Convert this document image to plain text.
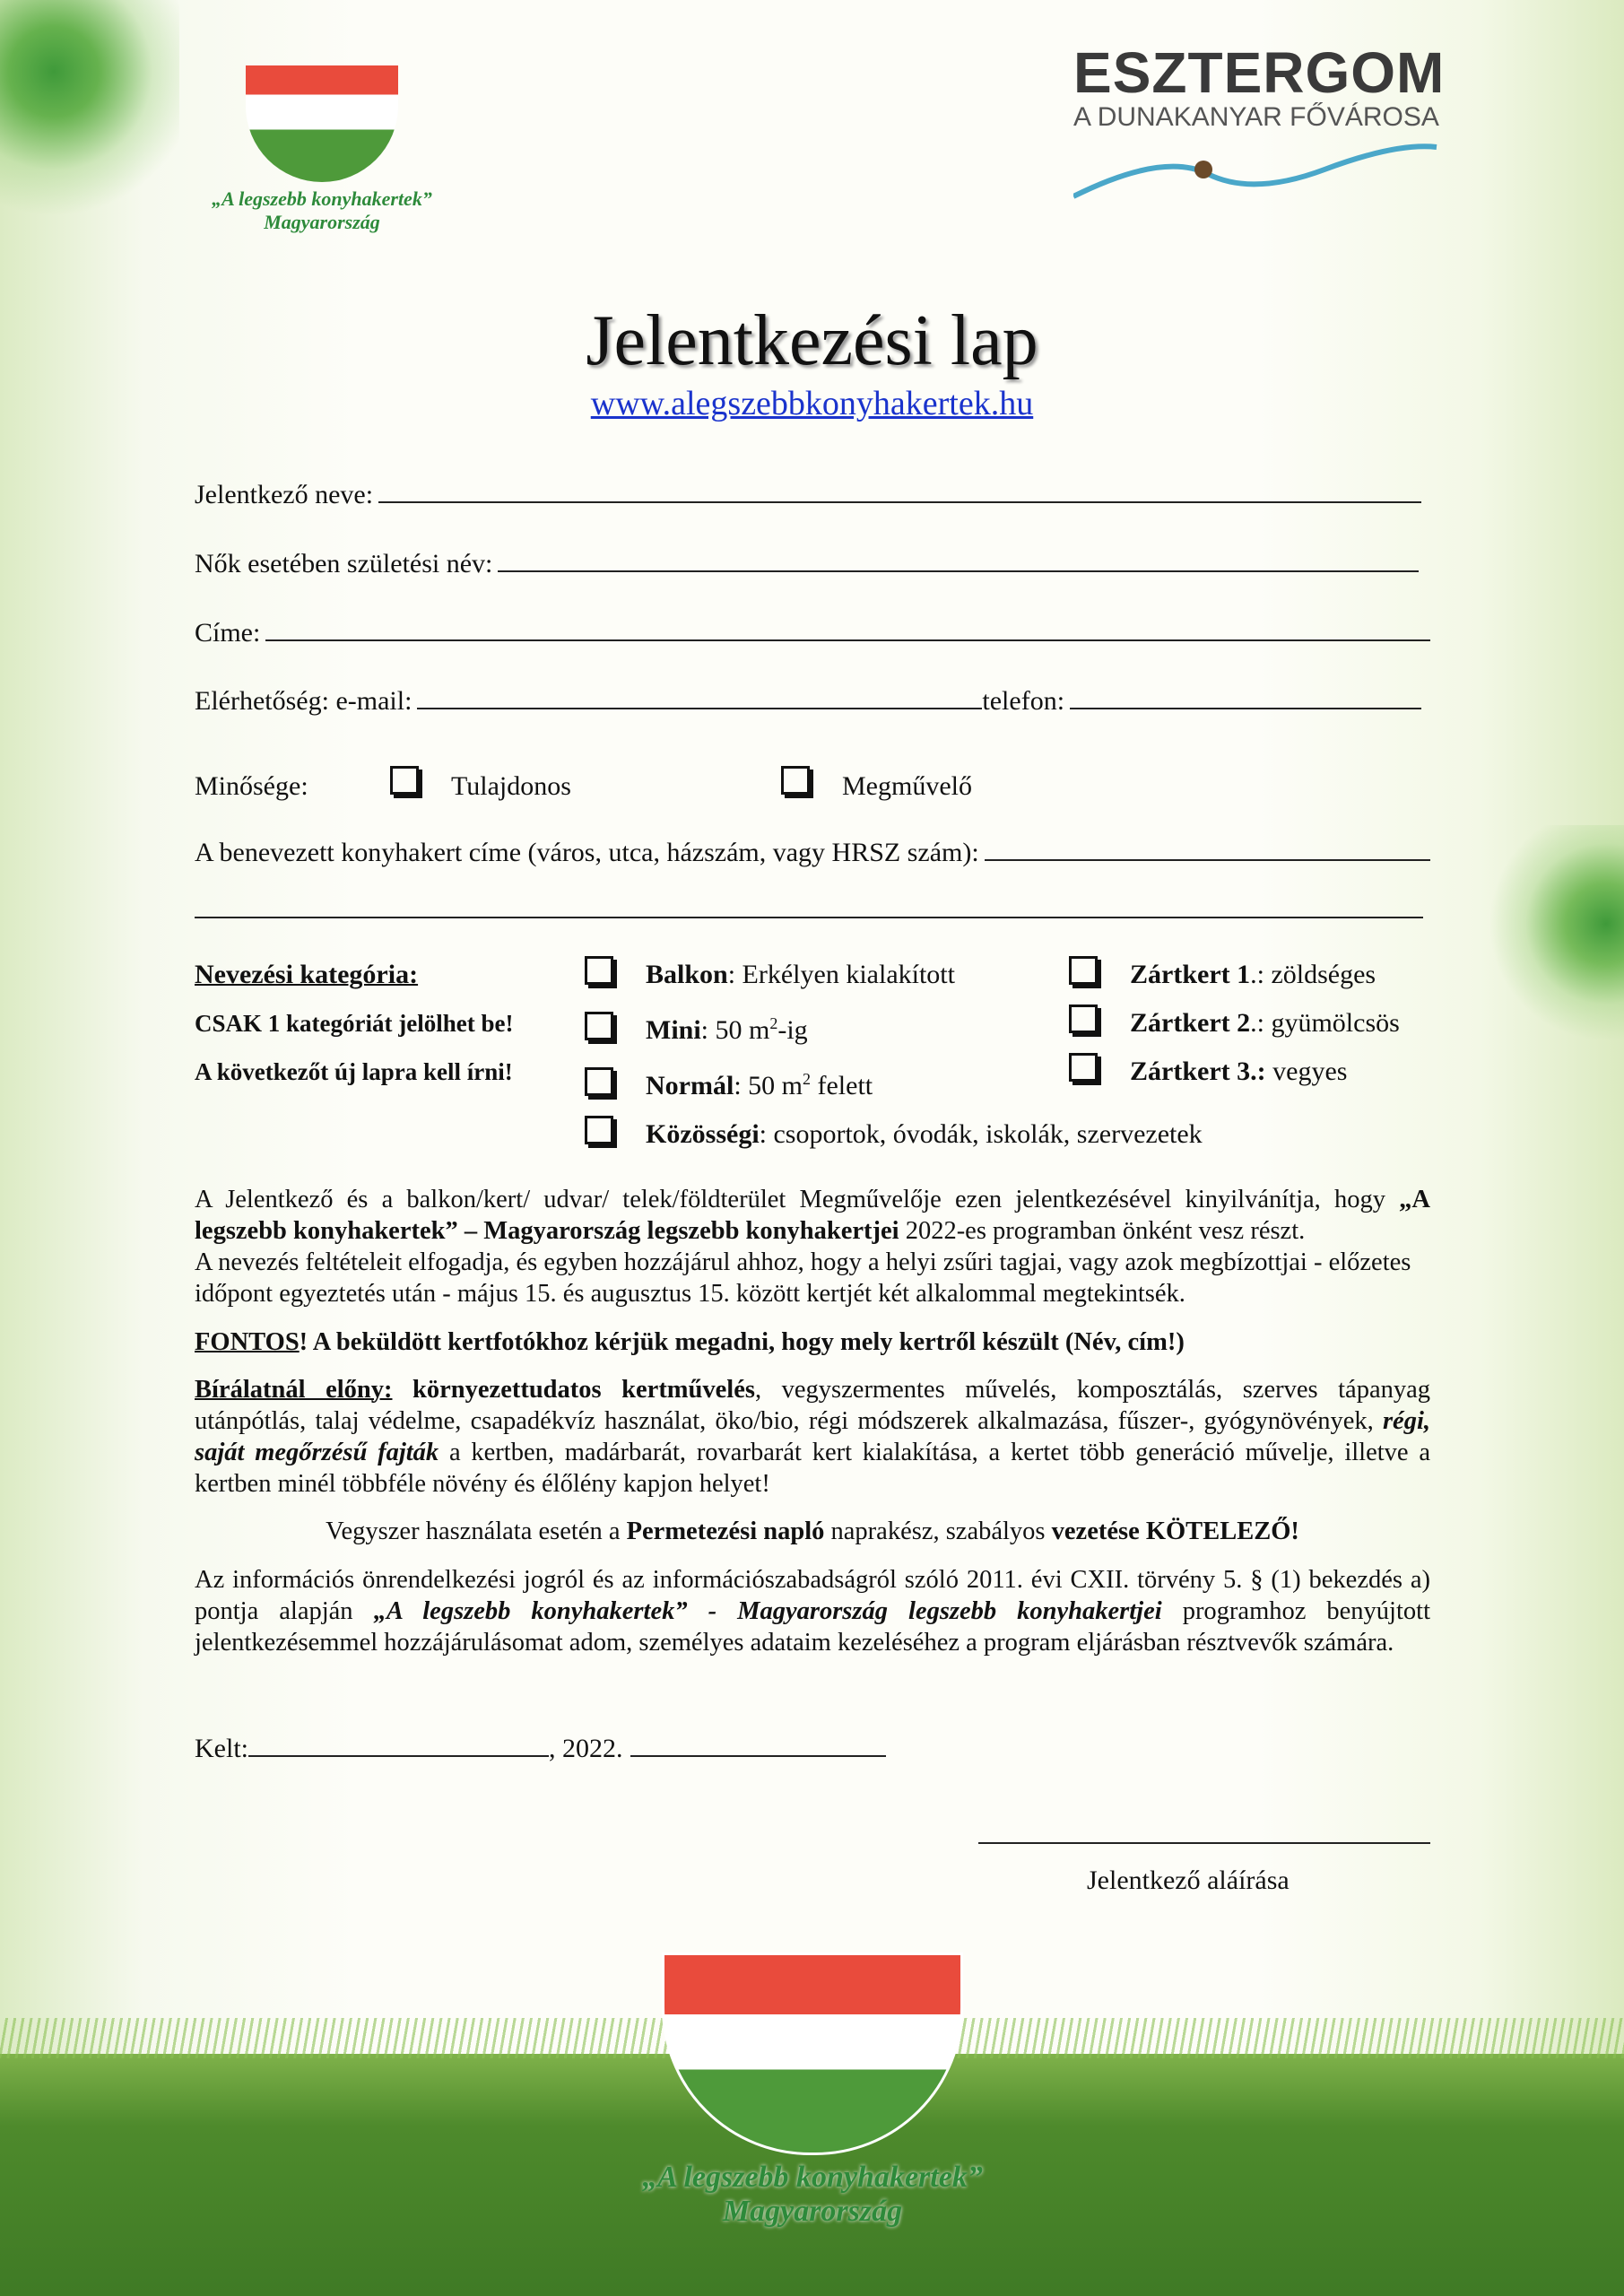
„A legszebb konyhakertek” Magyarország
ESZTERGOM
A DUNAKANYAR FŐVÁROSA
Jelentkezési lap
www.alegszebbkonyhakertek.hu
Jelentkező neve:
Nők esetében születési név:
Címe:
Elérhetőség: e-mail:	telefon:
Minősége:	Tulajdonos	Megművelő
A benevezett konyhakert címe (város, utca, házszám, vagy HRSZ szám):
Nevezési kategória:
CSAK 1 kategóriát jelölhet be!
A következőt új lapra kell írni!
Balkon: Erkélyen kialakított
Mini: 50 $m^2-ig$
Normál: 50 $m^2$ felett
Közösségi: csoportok, óvodák, iskolák, szervezetek
Zártkert 1.: zöldséges
Zártkert 2.: gyümölcsös
Zártkert 3.: vegyes
A Jelentkező és a balkon/kert/ udvar/ telek/földterület Megművelője ezen jelentkezésével kinyilvánítja, hogy „A legszebb konyhakertek” – Magyarország legszebb konyhakertjei 2022-es programban önként vesz részt.
A nevezés feltételeit elfogadja, és egyben hozzájárul ahhoz, hogy a helyi zsűri tagjai, vagy azok megbízottjai - előzetes időpont egyeztetés után - május 15. és augusztus 15. között kertjét két alkalommal megtekintsék.
FONTOS! A beküldött kertfotókhoz kérjük megadni, hogy mely kertről készült (Név, cím!)
Bírálatnál előny: környezettudatos kertművelés, vegyszermentes művelés, komposztálás, szerves tápanyag utánpótlás, talaj védelme, csapadékvíz használat, öko/bio, régi módszerek alkalmazása, fűszer-, gyógynövények, régi, saját megőrzésű fajták a kertben, madárbarát, rovarbarát kert kialakítása, a kertet több generáció művelje, illetve a kertben minél többféle növény és élőlény kapjon helyet!
Vegyszer használata esetén a Permetezési napló naprakész, szabályos vezetése KÖTELEZŐ!
Az információs önrendelkezési jogról és az információszabadságról szóló 2011. évi CXII. törvény 5. § (1) bekezdés a) pontja alapján „A legszebb konyhakertek” - Magyarország legszebb konyhakertjei programhoz benyújtott jelentkezésemmel hozzájárulásomat adom, személyes adataim kezeléséhez a program eljárásban résztvevők számára.
Kelt:	, 2022.
Jelentkező aláírása
„A legszebb konyhakertek” Magyarország
